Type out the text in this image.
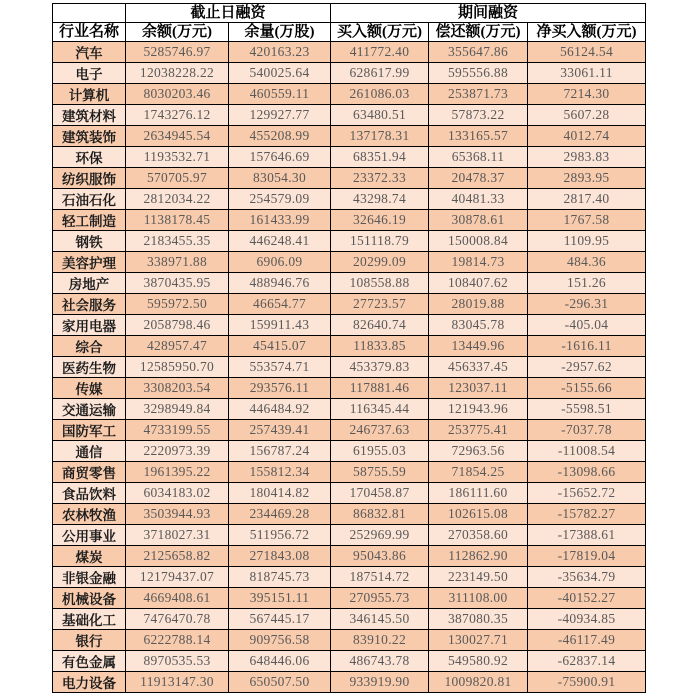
	截止日融资		期间融资		
行业名称	余额(万元)	余量(万股)	买入额(万元)	偿还额(万元)	净买入额(万元)
汽车	5285746.97	420163.23	411772.40	355647.86	56124.54
电子	12038228.22	540025.64	628617.99	595556.88	33061.11
计算机	8030203.46	460559.11	261086.03	253871.73	7214.30
建筑材料	1743276.12	129927.77	63480.51	57873.22	5607.28
建筑装饰	2634945.54	455208.99	137178.31	133165.57	4012.74
环保	1193532.71	157646.69	68351.94	65368.11	2983.83
纺织服饰	570705.97	83054.30	23372.33	20478.37	2893.95
石油石化	2812034.22	254579.09	43298.74	40481.33	2817.40
轻工制造	1138178.45	161433.99	32646.19	30878.61	1767.58
钢铁	2183455.35	446248.41	151118.79	150008.84	1109.95
美容护理	338971.88	6906.09	20299.09	19814.73	484.36
房地产	3870435.95	488946.76	108558.88	108407.62	151.26
社会服务	595972.50	46654.77	27723.57	28019.88	-296.31
家用电器	2058798.46	159911.43	82640.74	83045.78	-405.04
综合	428957.47	45415.07	11833.85	13449.96	-1616.11
医药生物	12585950.70	553574.71	453379.83	456337.45	-2957.62
传媒	3308203.54	293576.11	117881.46	123037.11	-5155.66
交通运输	3298949.84	446484.92	116345.44	121943.96	-5598.51
国防军工	4733199.55	257439.41	246737.63	253775.41	-7037.78
通信	2220973.39	156787.24	61955.03	72963.56	-11008.54
商贸零售	1961395.22	155812.34	58755.59	71854.25	-13098.66
食品饮料	6034183.02	180414.82	170458.87	186111.60	-15652.72
农林牧渔	3503944.93	234469.28	86832.81	102615.08	-15782.27
公用事业	3718027.31	511956.72	252969.99	270358.60	-17388.61
煤炭	2125658.82	271843.08	95043.86	112862.90	-17819.04
非银金融	12179437.07	818745.73	187514.72	223149.50	-35634.79
机械设备	4669408.61	395151.11	270955.73	311108.00	-40152.27
基础化工	7476470.78	567445.17	346145.50	387080.35	-40934.85
银行	6222788.14	909756.58	83910.22	130027.71	-46117.49
有色金属	8970535.53	648446.06	486743.78	549580.92	-62837.14
电力设备	11913147.30	650507.50	933919.90	1009820.81	-75900.91
